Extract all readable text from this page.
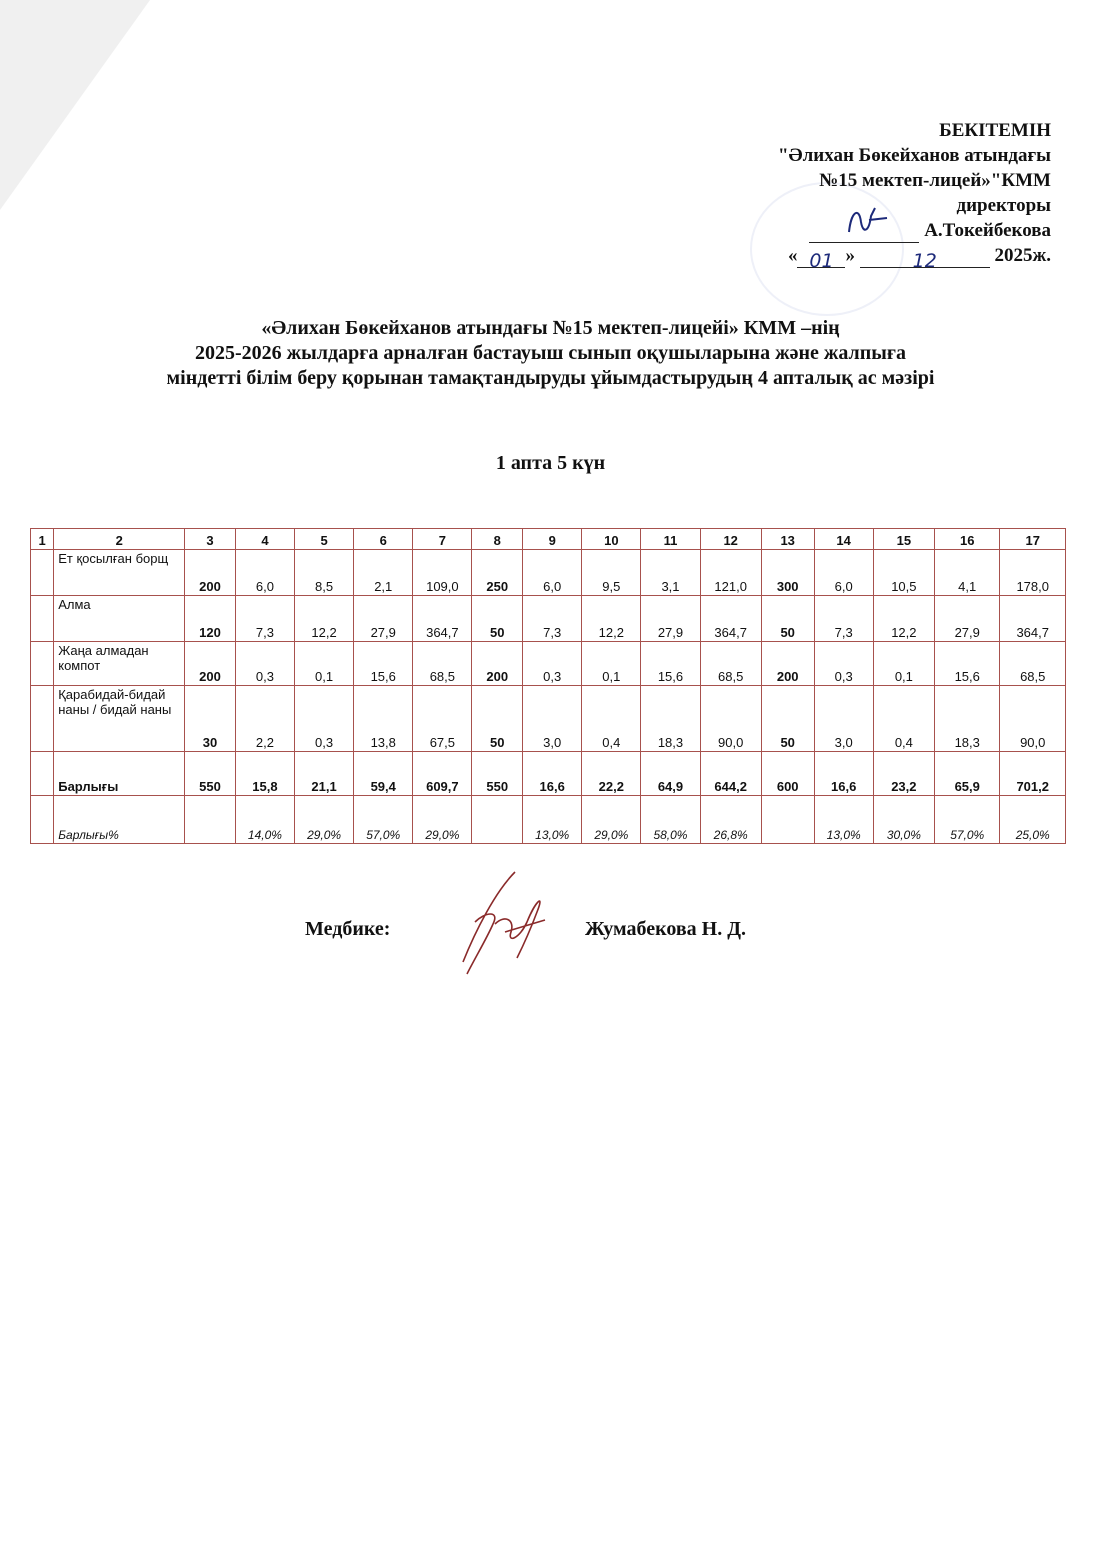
БЕКІТЕМІН
"Әлихан Бөкейханов атындағы
№15 мектеп-лицей»"КММ
директоры
А.Токейбекова
« 01 »	12	2025ж.
«Әлихан Бөкейханов атындағы №15 мектеп-лицейі» КММ –нің
2025-2026 жылдарға арналған бастауыш сынып оқушыларына және жалпыға
міндетті білім беру қорынан тамақтандыруды ұйымдастырудың 4 апталық ас мәзірі
1 апта 5 күн
1	2	3	4	5	6	7	8	9	10	11	12	13	14	15	16	17
	Ет қосылған борщ	200	6,0	8,5	2,1	109,0	250	6,0	9,5	3,1	121,0	300	6,0	10,5	4,1	178,0
	Алма	120	7,3	12,2	27,9	364,7	50	7,3	12,2	27,9	364,7	50	7,3	12,2	27,9	364,7
	Жаңа алмадан компот	200	0,3	0,1	15,6	68,5	200	0,3	0,1	15,6	68,5	200	0,3	0,1	15,6	68,5
	Қарабидай-бидай наны / бидай наны	30	2,2	0,3	13,8	67,5	50	3,0	0,4	18,3	90,0	50	3,0	0,4	18,3	90,0
	Барлығы	550	15,8	21,1	59,4	609,7	550	16,6	22,2	64,9	644,2	600	16,6	23,2	65,9	701,2
	Барлығы%		14,0%	29,0%	57,0%	29,0%		13,0%	29,0%	58,0%	26,8%		13,0%	30,0%	57,0%	25,0%
Медбике:	Жумабекова Н. Д.
